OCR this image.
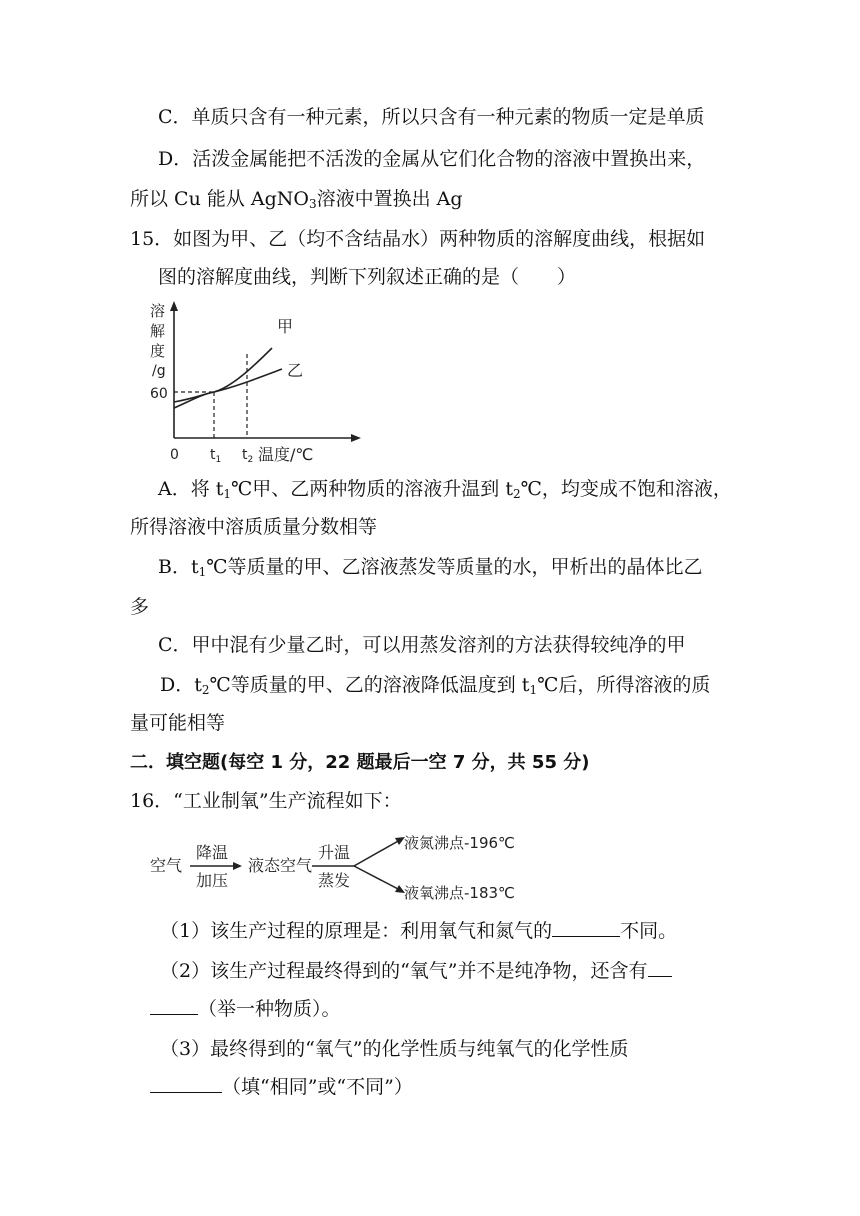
C．单质只含有一种元素，所以只含有一种元素的物质一定是单质
D．活泼金属能把不活泼的金属从它们化合物的溶液中置换出来，
所以 Cu 能从 AgNO$_3$溶液中置换出 Ag
15．如图为甲、乙（均不含结晶水）两种物质的溶解度曲线，根据如
图的溶解度曲线，判断下列叙述正确的是（　　）
溶
解
度
/g
60
甲
乙
0 $t_1$ $t_2$ 温度/℃
A．将 $t_1℃$甲、乙两种物质的溶液升温到 $t_2℃$，均变成不饱和溶液，
所得溶液中溶质质量分数相等
B．$t_1℃$等质量的甲、乙溶液蒸发等质量的水，甲析出的晶体比乙
多
C．甲中混有少量乙时，可以用蒸发溶剂的方法获得较纯净的甲
D．$t_2℃$等质量的甲、乙的溶液降低温度到 $t_1℃$后，所得溶液的质
量可能相等
二．填空题(每空 1 分，22 题最后一空 7 分，共 55 分)
16．“工业制氧”生产流程如下：
空气
降温
加压
液态空气
升温
蒸发
液氮沸点-196℃
液氧沸点-183℃
（1）该生产过程的原理是：利用氧气和氮气的	不同。
（2）该生产过程最终得到的“氧气”并不是纯净物，还含有
（举一种物质）。
（3）最终得到的“氧气”的化学性质与纯氧气的化学性质
（填“相同”或“不同”）
